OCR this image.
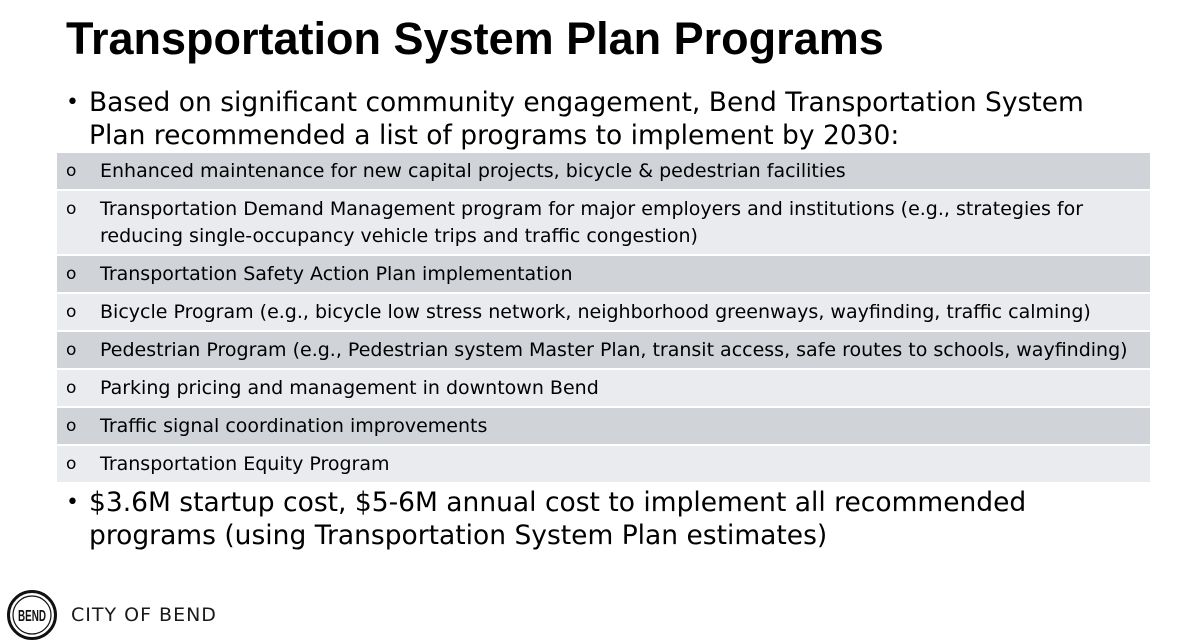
Transportation System Plan Programs
• Based on significant community engagement, Bend Transportation System Plan recommended a list of programs to implement by 2030:
o Enhanced maintenance for new capital projects, bicycle & pedestrian facilities
o Transportation Demand Management program for major employers and institutions (e.g., strategies for reducing single-occupancy vehicle trips and traffic congestion)
o Transportation Safety Action Plan implementation
o Bicycle Program (e.g., bicycle low stress network, neighborhood greenways, wayfinding, traffic calming)
o Pedestrian Program (e.g., Pedestrian system Master Plan, transit access, safe routes to schools, wayfinding)
o Parking pricing and management in downtown Bend
o Traffic signal coordination improvements
o Transportation Equity Program
• $3.6M startup cost, $5-6M annual cost to implement all recommended programs (using Transportation System Plan estimates)
BEND CITY OF BEND
